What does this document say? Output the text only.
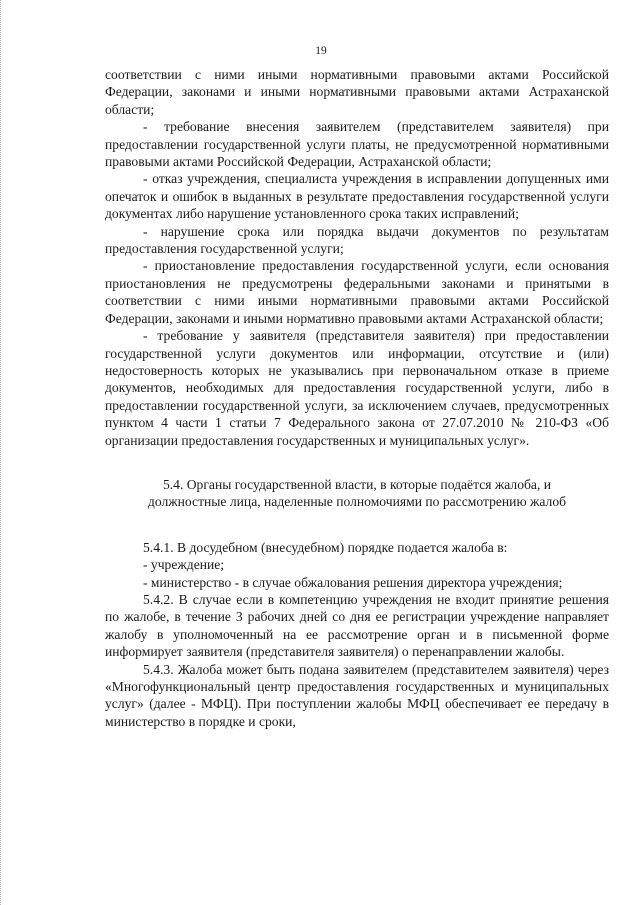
19

соответствии с ними иными нормативными правовыми актами Российской Федерации, законами и иными нормативными правовыми актами Астраханской области;

- требование внесения заявителем (представителем заявителя) при предоставлении государственной услуги платы, не предусмотренной нормативными правовыми актами Российской Федерации, Астраханской области;

- отказ учреждения, специалиста учреждения в исправлении допущенных ими опечаток и ошибок в выданных в результате предоставления государственной услуги документах либо нарушение установленного срока таких исправлений;

- нарушение срока или порядка выдачи документов по результатам предоставления государственной услуги;

- приостановление предоставления государственной услуги, если основания приостановления не предусмотрены федеральными законами и принятыми в соответствии с ними иными нормативными правовыми актами Российской Федерации, законами и иными нормативно правовыми актами Астраханской области;

- требование у заявителя (представителя заявителя) при предоставлении государственной услуги документов или информации, отсутствие и (или) недостоверность которых не указывались при первоначальном отказе в приеме документов, необходимых для предоставления государственной услуги, либо в предоставлении государственной услуги, за исключением случаев, предусмотренных пунктом 4 части 1 статьи 7 Федерального закона от 27.07.2010 № 210-ФЗ «Об организации предоставления государственных и муниципальных услуг».

5.4. Органы государственной власти, в которые подаётся жалоба, и
должностные лица, наделенные полномочиями по рассмотрению жалоб

5.4.1. В досудебном (внесудебном) порядке подается жалоба в:

- учреждение;

- министерство - в случае обжалования решения директора учреждения;

5.4.2. В случае если в компетенцию учреждения не входит принятие решения по жалобе, в течение 3 рабочих дней со дня ее регистрации учреждение направляет жалобу в уполномоченный на ее рассмотрение орган и в письменной форме информирует заявителя (представителя заявителя) о перенаправлении жалобы.

5.4.3. Жалоба может быть подана заявителем (представителем заявителя) через «Многофункциональный центр предоставления государственных и муниципальных услуг» (далее - МФЦ). При поступлении жалобы МФЦ обеспечивает ее передачу в министерство в порядке и сроки,
